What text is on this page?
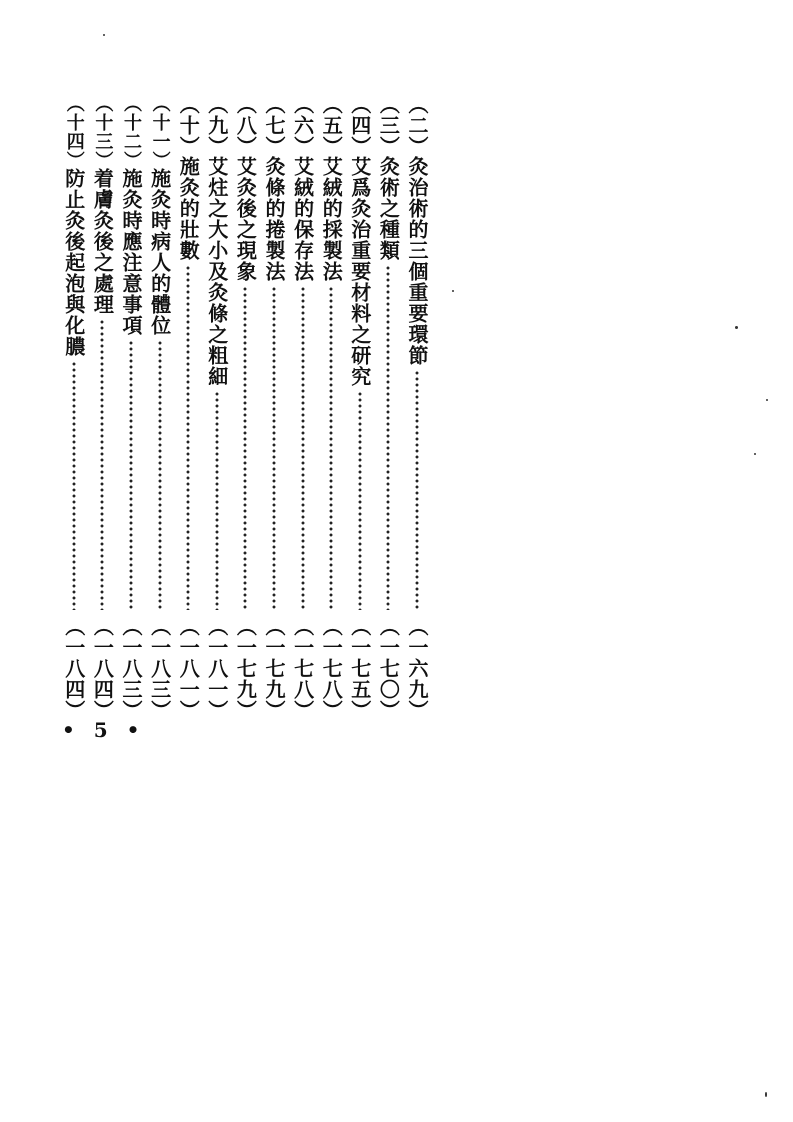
︵二︶
灸治術的三個重要環節
︵一六九︶
︵三︶
灸術之種類
︵一七〇︶
︵四︶
艾爲灸治重要材料之研究
︵一七五︶
︵五︶
艾絨的採製法
︵一七八︶
︵六︶
艾絨的保存法
︵一七八︶
︵七︶
灸條的捲製法
︵一七九︶
︵八︶
艾灸後之現象
︵一七九︶
︵九︶
艾炷之大小及灸條之粗細
︵一八一︶
︵十︶
施灸的壯數
︵一八一︶
︵十一︶
施灸時病人的體位
︵一八三︶
︵十二︶
施灸時應注意事項
︵一八三︶
︵十三︶
着膚灸後之處理
︵一八四︶
︵十四︶
防止灸後起泡與化膿
︵一八四︶
• 5 •
